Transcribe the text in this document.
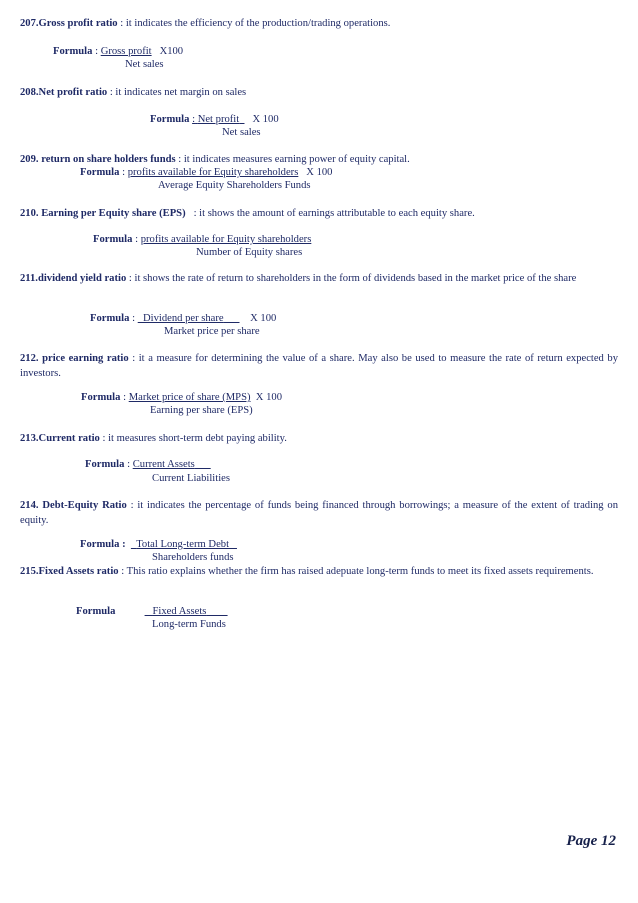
207.Gross profit ratio : it indicates the efficiency of the production/trading operations.
Formula : Gross profit X100
Net sales
208.Net profit ratio : it indicates net margin on sales
Formula : Net profit X 100
Net sales
209. return on share holders funds : it indicates measures earning power of equity capital.
Formula : profits available for Equity shareholders X 100
Average Equity Shareholders Funds
210. Earning per Equity share (EPS) : it shows the amount of earnings attributable to each equity share.
Formula : profits available for Equity shareholders
Number of Equity shares
211.dividend yield ratio : it shows the rate of return to shareholders in the form of dividends based in the market price of the share
Formula : Dividend per share X 100
Market price per share
212. price earning ratio : it a measure for determining the value of a share. May also be used to measure the rate of return expected by investors.
Formula : Market price of share (MPS) X 100
Earning per share (EPS)
213.Current ratio : it measures short-term debt paying ability.
Formula : Current Assets
Current Liabilities
214. Debt-Equity Ratio : it indicates the percentage of funds being financed through borrowings; a measure of the extent of trading on equity.
Formula : Total Long-term Debt
Shareholders funds
215.Fixed Assets ratio : This ratio explains whether the firm has raised adepuate long-term funds to meet its fixed assets requirements.
Formula	Fixed Assets
Long-term Funds
Page 12
